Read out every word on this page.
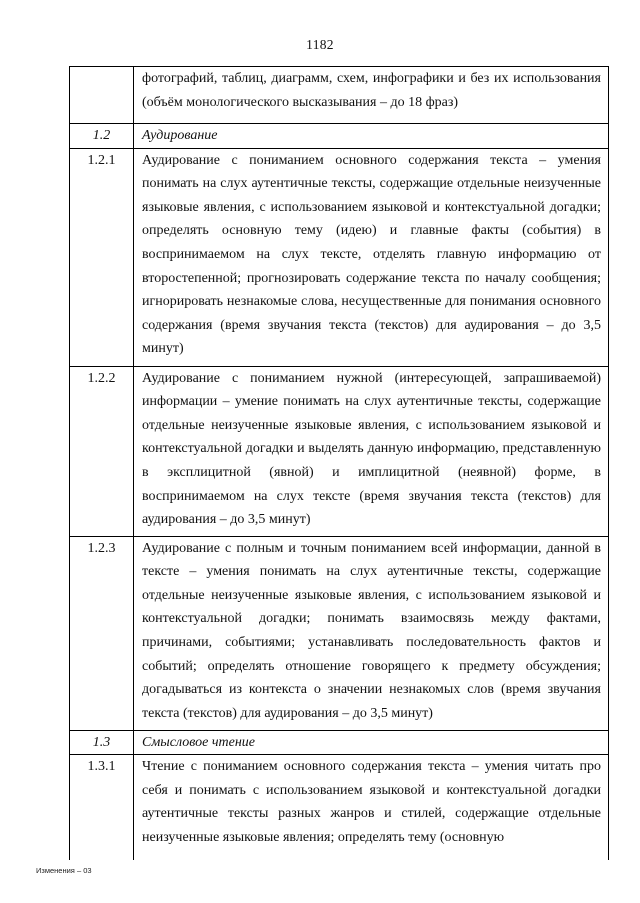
1182

	фотографий, таблиц, диаграмм, схем, инфографики и без их использования (объём монологического высказывания – до 18 фраз)

1.2	Аудирование

1.2.1	Аудирование с пониманием основного содержания текста – умения понимать на слух аутентичные тексты, содержащие отдельные неизученные языковые явления, с использованием языковой и контекстуальной догадки; определять основную тему (идею) и главные факты (события) в воспринимаемом на слух тексте, отделять главную информацию от второстепенной; прогнозировать содержание текста по началу сообщения; игнорировать незнакомые слова, несущественные для понимания основного содержания (время звучания текста (текстов) для аудирования – до 3,5 минут)

1.2.2	Аудирование с пониманием нужной (интересующей, запрашиваемой) информации – умение понимать на слух аутентичные тексты, содержащие отдельные неизученные языковые явления, с использованием языковой и контекстуальной догадки и выделять данную информацию, представленную в эксплицитной (явной) и имплицитной (неявной) форме, в воспринимаемом на слух тексте (время звучания текста (текстов) для аудирования – до 3,5 минут)

1.2.3	Аудирование с полным и точным пониманием всей информации, данной в тексте – умения понимать на слух аутентичные тексты, содержащие отдельные неизученные языковые явления, с использованием языковой и контекстуальной догадки; понимать взаимосвязь между фактами, причинами, событиями; устанавливать последовательность фактов и событий; определять отношение говорящего к предмету обсуждения; догадываться из контекста о значении незнакомых слов (время звучания текста (текстов) для аудирования – до 3,5 минут)

1.3	Смысловое чтение

1.3.1	Чтение с пониманием основного содержания текста – умения читать про себя и понимать с использованием языковой и контекстуальной догадки аутентичные тексты разных жанров и стилей, содержащие отдельные неизученные языковые явления; определять тему (основную
Изменения – 03
